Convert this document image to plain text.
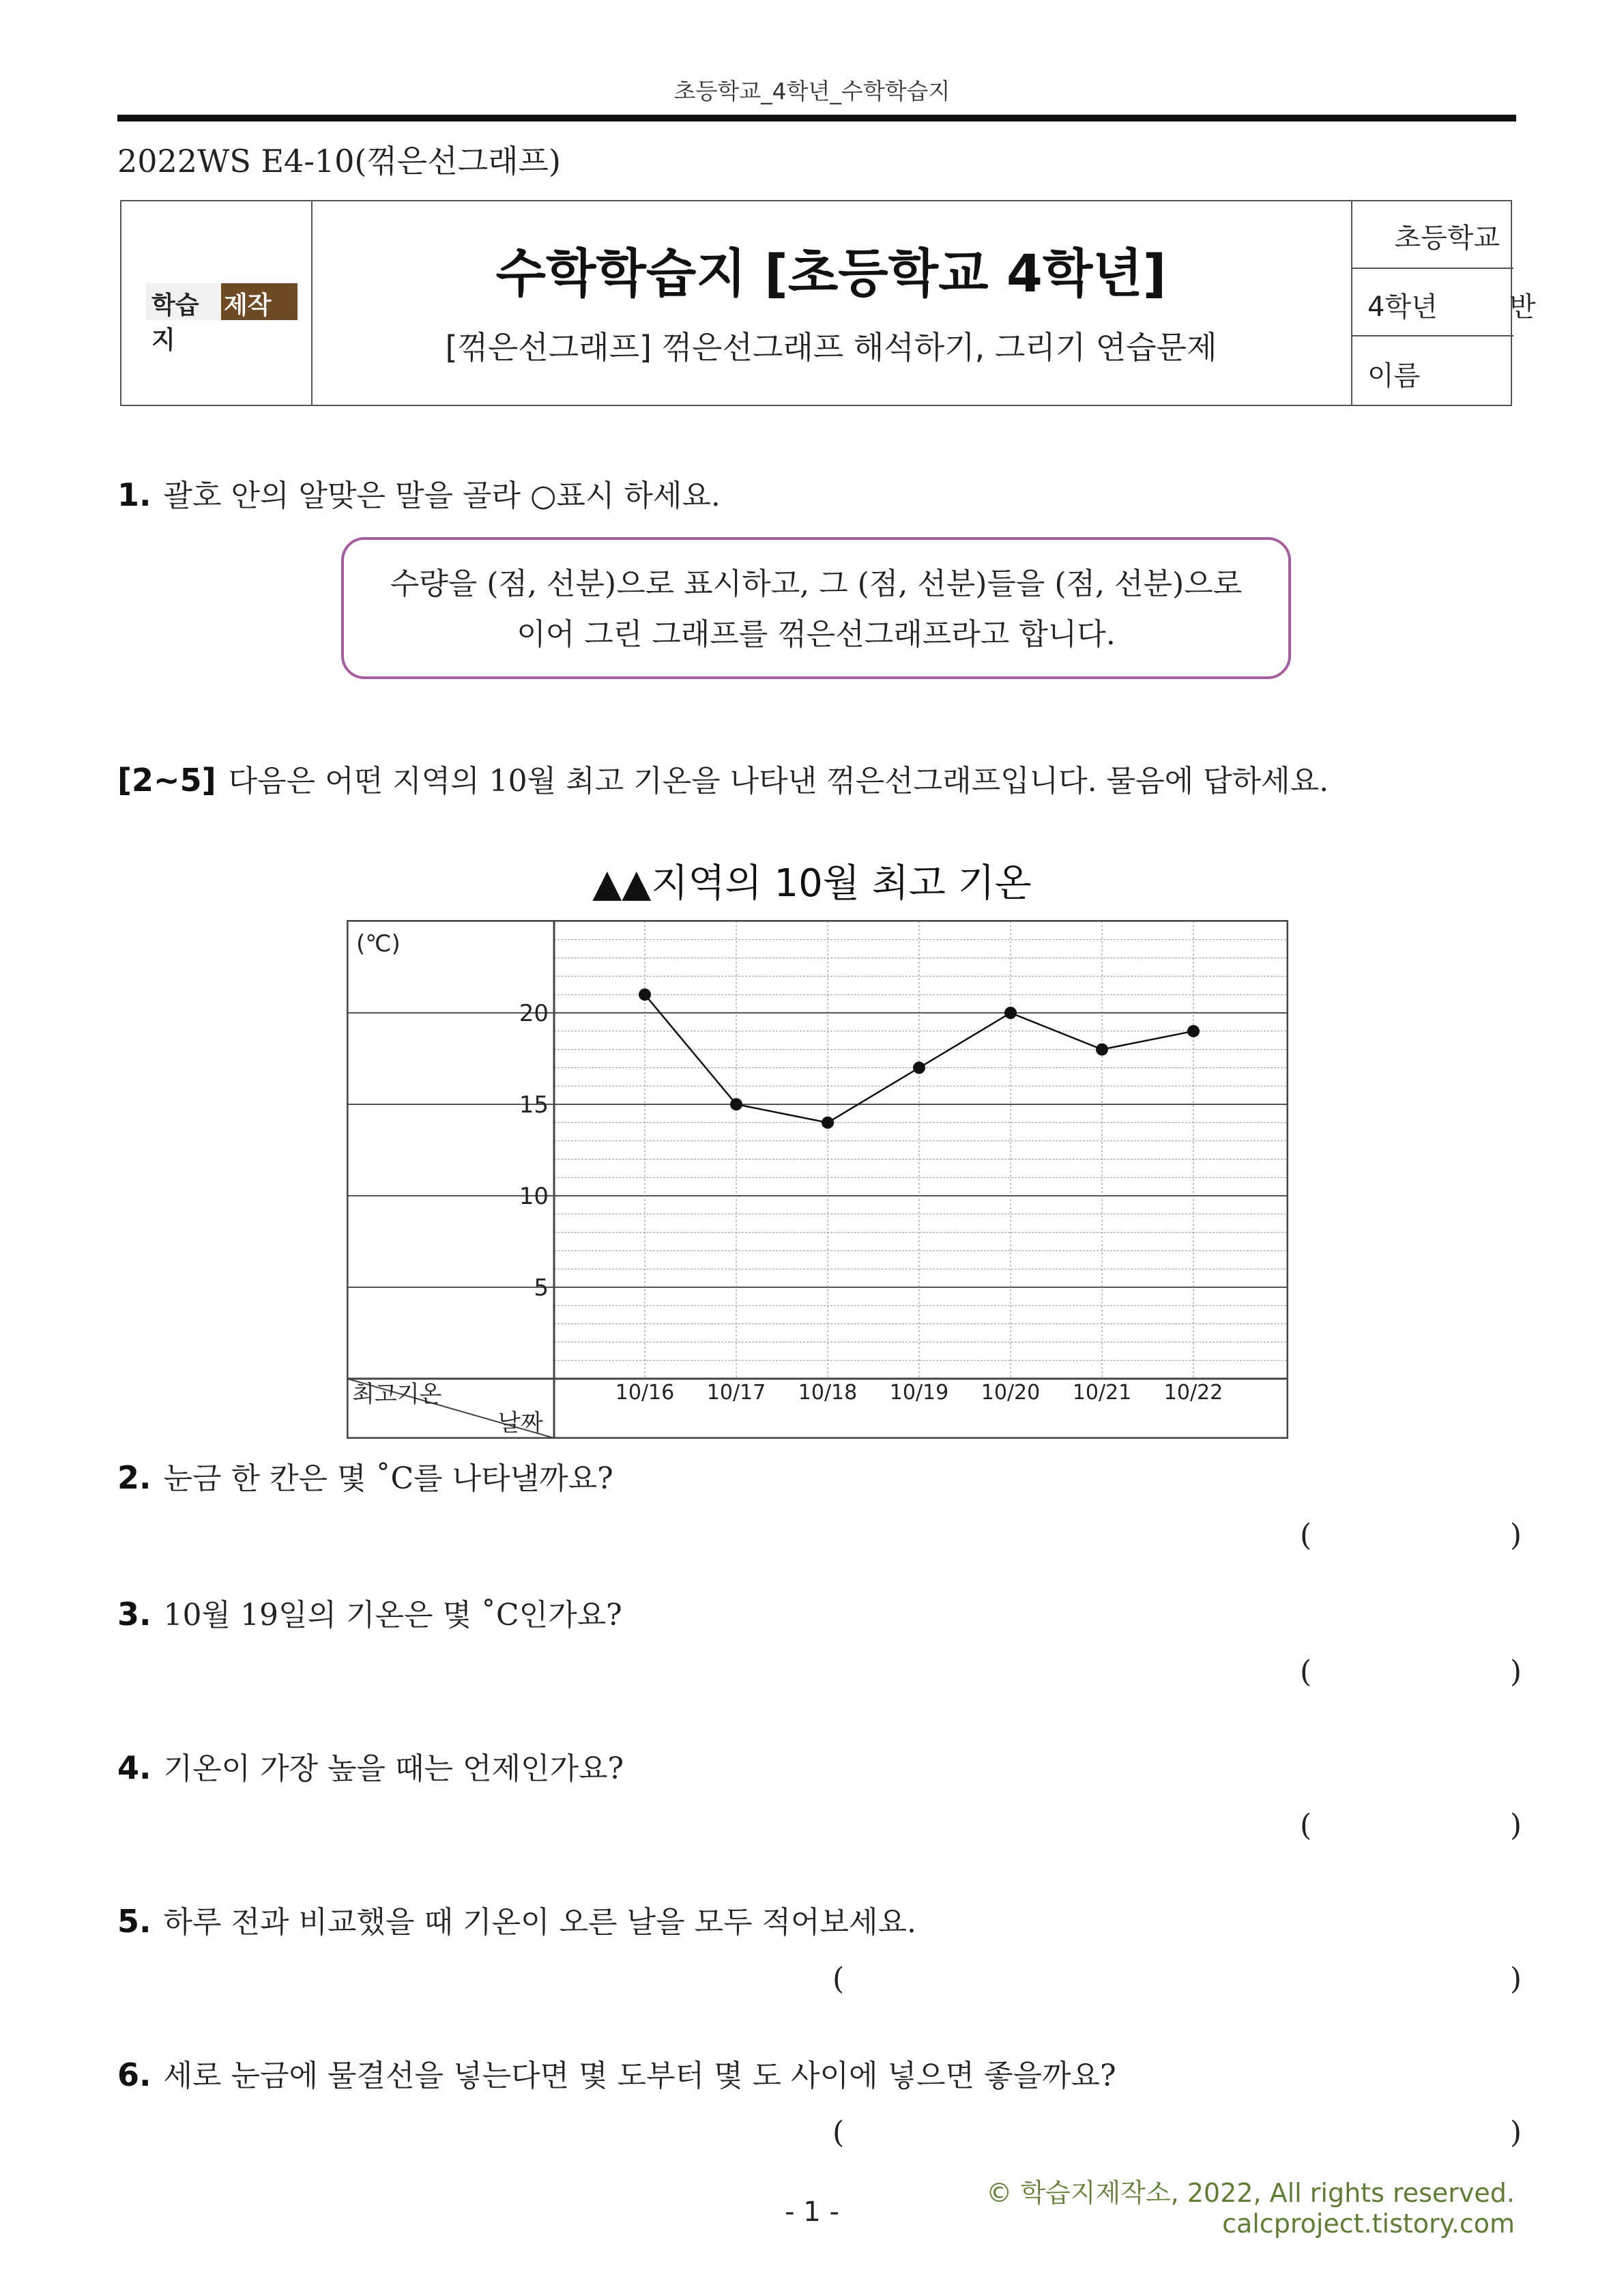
초등학교_4학년_수학학습지
2022WS E4-10(꺾은선그래프)
학습지
제작소
수학학습지 [초등학교 4학년]
[꺾은선그래프] 꺾은선그래프 해석하기, 그리기 연습문제
초등학교
4학년	반
이름
1. 괄호 안의 알맞은 말을 골라 ○표시 하세요.
수량을 (점, 선분)으로 표시하고, 그 (점, 선분)들을 (점, 선분)으로
이어 그린 그래프를 꺾은선그래프라고 합니다.
[2~5] 다음은 어떤 지역의 10월 최고 기온을 나타낸 꺾은선그래프입니다. 물음에 답하세요.
▲▲지역의 10월 최고 기온
(℃)
최고기온
날짜
5
10
15
20
10/16 10/17 10/18 10/19 10/20 10/21 10/22
2. 눈금 한 칸은 몇 ˚C를 나타낼까요?
(	)
3. 10월 19일의 기온은 몇 ˚C인가요?
(	)
4. 기온이 가장 높을 때는 언제인가요?
(	)
5. 하루 전과 비교했을 때 기온이 오른 날을 모두 적어보세요.
(	)
6. 세로 눈금에 물결선을 넣는다면 몇 도부터 몇 도 사이에 넣으면 좋을까요?
(	)
© 학습지제작소, 2022, All rights reserved.
calcproject.tistory.com
- 1 -
